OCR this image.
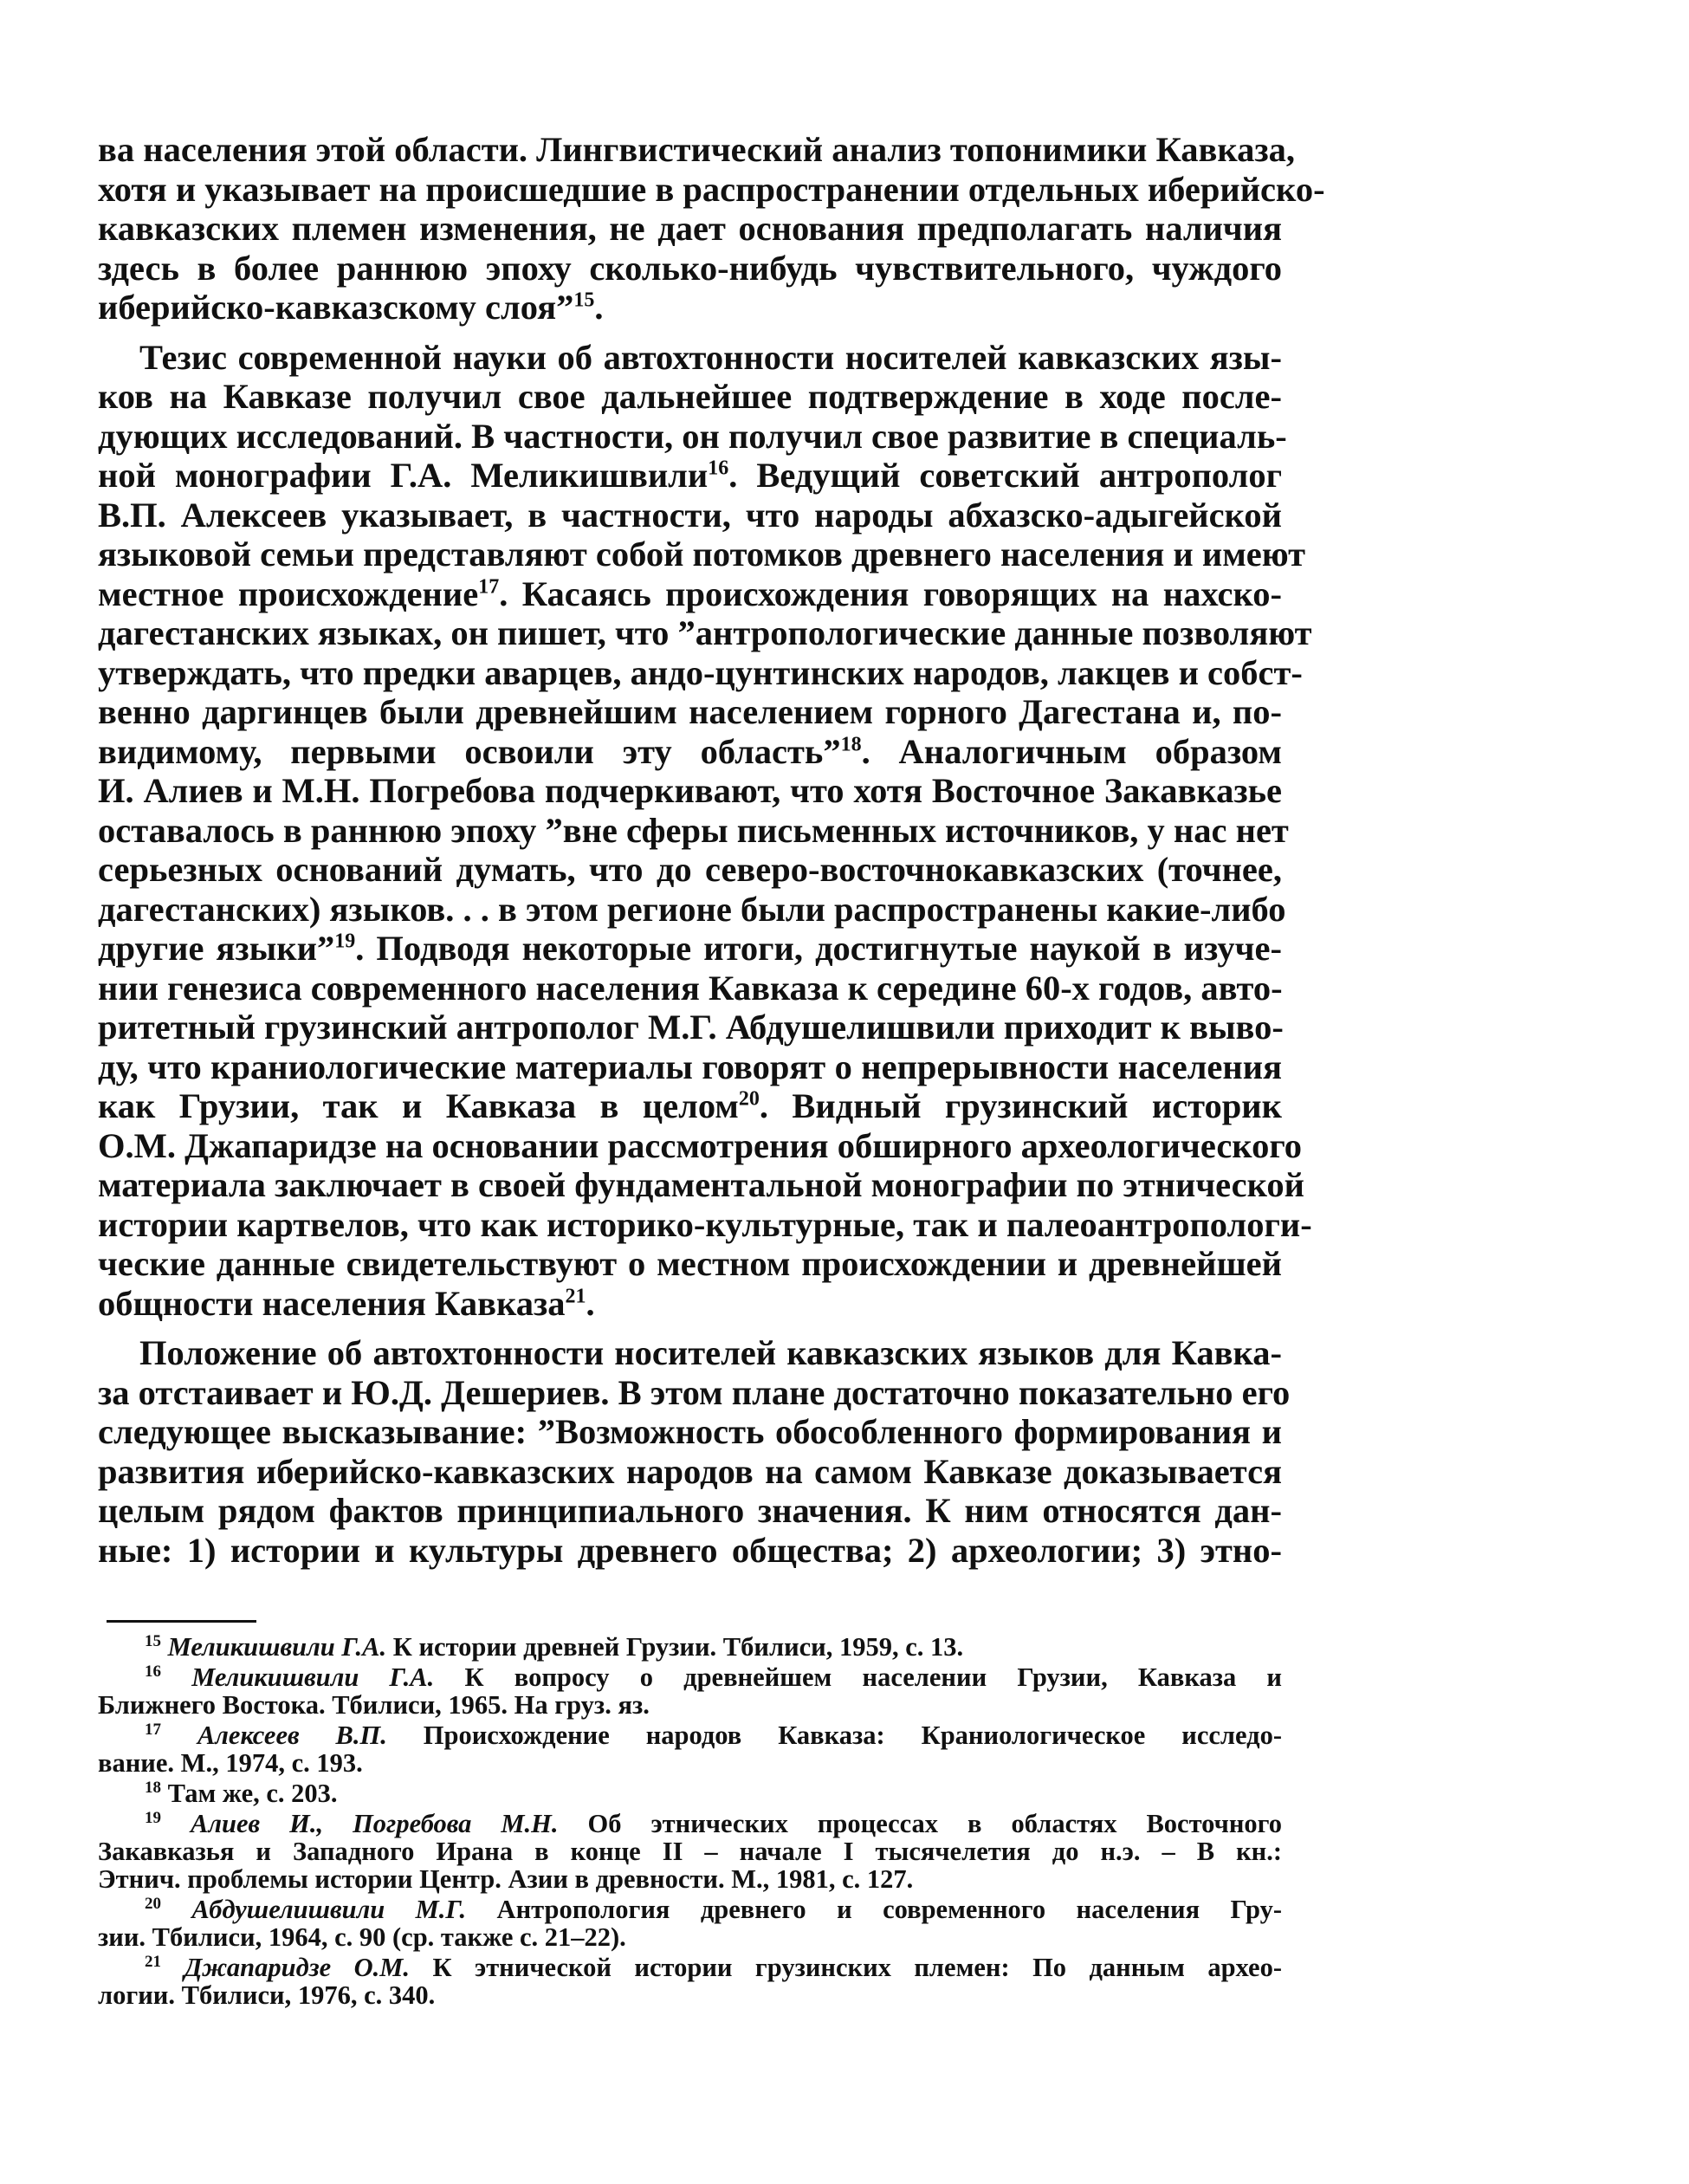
ва населения этой области. Лингвистический анализ топонимики Кавказа,
хотя и указывает на происшедшие в распространении отдельных иберийско-
кавказских племен изменения, не дает основания предполагать наличия
здесь в более раннюю эпоху сколько-нибудь чувствительного, чуждого
иберийско-кавказскому слоя”$^{15}$.
Тезис современной науки об автохтонности носителей кавказских язы-
ков на Кавказе получил свое дальнейшее подтверждение в ходе после-
дующих исследований. В частности, он получил свое развитие в специаль-
ной монографии Г.А. Меликишвили$^{16}$. Ведущий советский антрополог
В.П. Алексеев указывает, в частности, что народы абхазско-адыгейской
языковой семьи представляют собой потомков древнего населения и имеют
местное происхождение$^{17}$. Касаясь происхождения говорящих на нахско-
дагестанских языках, он пишет, что ”антропологические данные позволяют
утверждать, что предки аварцев, андо-цунтинских народов, лакцев и собст-
венно даргинцев были древнейшим населением горного Дагестана и, по-
видимому, первыми освоили эту область”$^{18}$. Аналогичным образом
И. Алиев и М.Н. Погребова подчеркивают, что хотя Восточное Закавказье
оставалось в раннюю эпоху ”вне сферы письменных источников, у нас нет
серьезных оснований думать, что до северо-восточнокавказских (точнее,
дагестанских) языков. . . в этом регионе были распространены какие-либо
другие языки”$^{19}$. Подводя некоторые итоги, достигнутые наукой в изуче-
нии генезиса современного населения Кавказа к середине 60-х годов, авто-
ритетный грузинский антрополог М.Г. Абдушелишвили приходит к выво-
ду, что краниологические материалы говорят о непрерывности населения
как Грузии, так и Кавказа в целом$^{20}$. Видный грузинский историк
О.М. Джапаридзе на основании рассмотрения обширного археологического
материала заключает в своей фундаментальной монографии по этнической
истории картвелов, что как историко-культурные, так и палеоантропологи-
ческие данные свидетельствуют о местном происхождении и древнейшей
общности населения Кавказа$^{21}$.
Положение об автохтонности носителей кавказских языков для Кавка-
за отстаивает и Ю.Д. Дешериев. В этом плане достаточно показательно его
следующее высказывание: ”Возможность обособленного формирования и
развития иберийско-кавказских народов на самом Кавказе доказывается
целым рядом фактов принципиального значения. К ним относятся дан-
ные: 1) истории и культуры древнего общества; 2) археологии; 3) этно-
$^{15}$ Меликишвили Г.А. К истории древней Грузии. Тбилиси, 1959, с. 13.
$^{16}$ Меликишвили Г.А. К вопросу о древнейшем населении Грузии, Кавказа и
Ближнего Востока. Тбилиси, 1965. На груз. яз.
$^{17}$ Алексеев В.П. Происхождение народов Кавказа: Краниологическое исследо-
вание. М., 1974, с. 193.
$^{18}$ Там же, с. 203.
$^{19}$ Алиев И., Погребова М.Н. Об этнических процессах в областях Восточного
Закавказья и Западного Ирана в конце II – начале I тысячелетия до н.э. – В кн.:
Этнич. проблемы истории Центр. Азии в древности. М., 1981, с. 127.
$^{20}$ Абдушелишвили М.Г. Антропология древнего и современного населения Гру-
зии. Тбилиси, 1964, с. 90 (ср. также с. 21–22).
$^{21}$ Джапаридзе О.М. К этнической истории грузинских племен: По данным архео-
логии. Тбилиси, 1976, с. 340.
